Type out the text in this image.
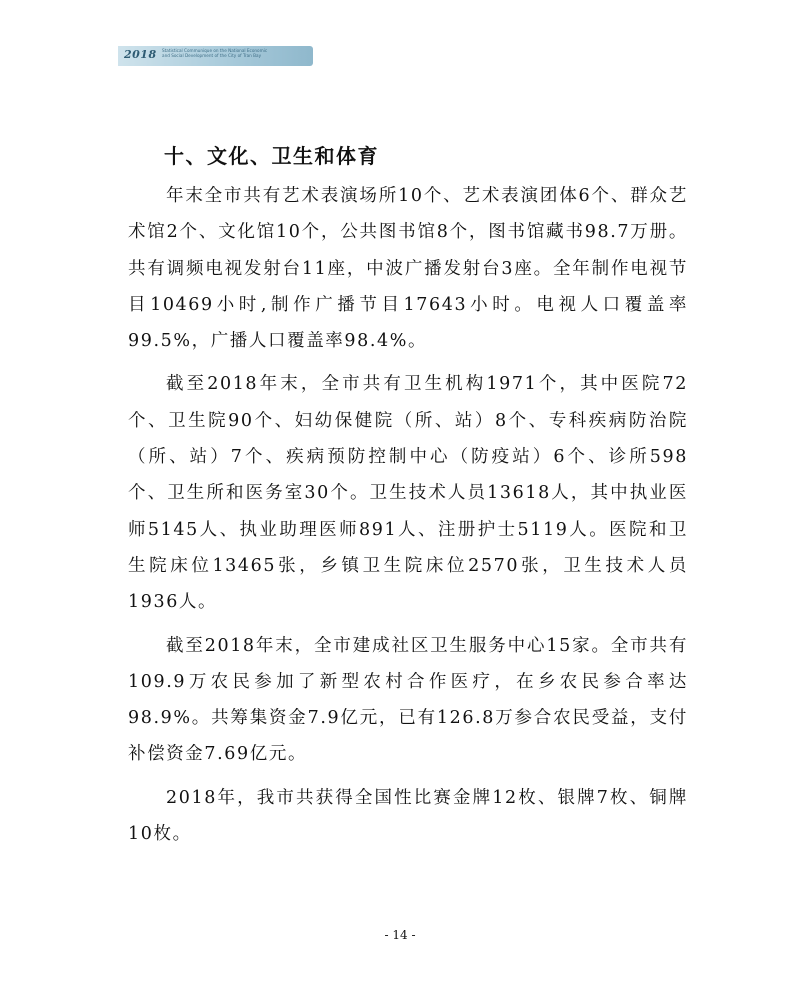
2018 Statistical Communique on the National Economic
and Social Development of the City of Tran Bay
十、文化、卫生和体育

年末全市共有艺术表演场所10个、艺术表演团体6个、群众艺术馆2个、文化馆10个，公共图书馆8个，图书馆藏书98.7万册。共有调频电视发射台11座，中波广播发射台3座。全年制作电视节目10469小时,制作广播节目17643小时。电视人口覆盖率99.5%，广播人口覆盖率98.4%。

截至2018年末，全市共有卫生机构1971个，其中医院72个、卫生院90个、妇幼保健院（所、站）8个、专科疾病防治院（所、站）7个、疾病预防控制中心（防疫站）6个、诊所598个、卫生所和医务室30个。卫生技术人员13618人，其中执业医师5145人、执业助理医师891人、注册护士5119人。医院和卫生院床位13465张，乡镇卫生院床位2570张，卫生技术人员1936人。

截至2018年末，全市建成社区卫生服务中心15家。全市共有109.9万农民参加了新型农村合作医疗，在乡农民参合率达98.9%。共筹集资金7.9亿元，已有126.8万参合农民受益，支付补偿资金7.69亿元。

2018年，我市共获得全国性比赛金牌12枚、银牌7枚、铜牌10枚。

- 14 -
